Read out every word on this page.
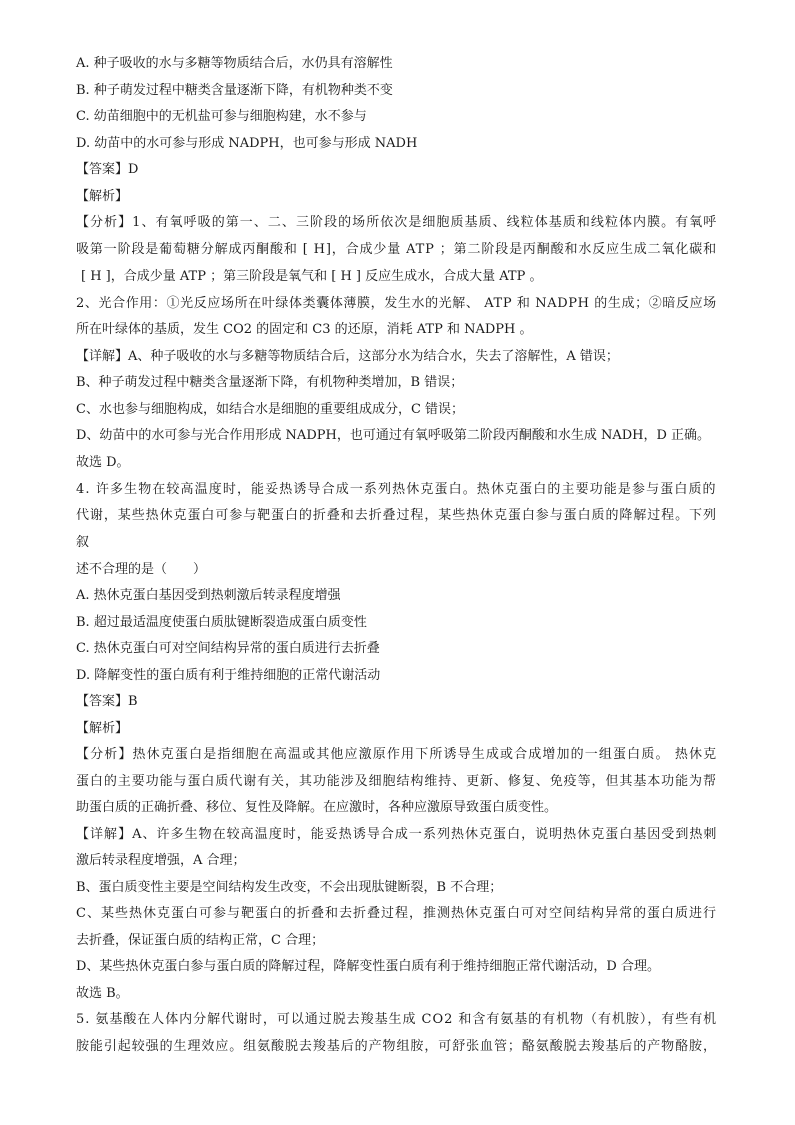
A. 种子吸收的水与多糖等物质结合后，水仍具有溶解性
B. 种子萌发过程中糖类含量逐渐下降，有机物种类不变
C. 幼苗细胞中的无机盐可参与细胞构建，水不参与
D. 幼苗中的水可参与形成 NADPH，也可参与形成 NADH
【答案】D
【解析】
【分析】1、有氧呼吸的第一、二、三阶段的场所依次是细胞质基质、线粒体基质和线粒体内膜。有氧呼
吸第一阶段是葡萄糖分解成丙酮酸和 [ H]，合成少量 ATP ；第二阶段是丙酮酸和水反应生成二氧化碳和
[ H ]，合成少量 ATP ；第三阶段是氧气和 [ H ] 反应生成水，合成大量 ATP 。
2、光合作用：①光反应场所在叶绿体类囊体薄膜，发生水的光解、 ATP 和 NADPH 的生成；②暗反应场
所在叶绿体的基质，发生 CO2 的固定和 C3 的还原，消耗 ATP 和 NADPH 。
【详解】A、种子吸收的水与多糖等物质结合后，这部分水为结合水，失去了溶解性，A 错误；
B、种子萌发过程中糖类含量逐渐下降，有机物种类增加，B 错误；
C、水也参与细胞构成，如结合水是细胞的重要组成成分，C 错误；
D、幼苗中的水可参与光合作用形成 NADPH，也可通过有氧呼吸第二阶段丙酮酸和水生成 NADH，D 正确。
故选 D。
4. 许多生物在较高温度时，能妥热诱导合成一系列热休克蛋白。热休克蛋白的主要功能是参与蛋白质的
代谢，某些热休克蛋白可参与靶蛋白的折叠和去折叠过程，某些热休克蛋白参与蛋白质的降解过程。下列
叙
述不合理的是（　　）
A. 热休克蛋白基因受到热刺激后转录程度增强
B. 超过最适温度使蛋白质肽键断裂造成蛋白质变性
C. 热休克蛋白可对空间结构异常的蛋白质进行去折叠
D. 降解变性的蛋白质有利于维持细胞的正常代谢活动
【答案】B
【解析】
【分析】热休克蛋白是指细胞在高温或其他应激原作用下所诱导生成或合成增加的一组蛋白质。 热休克
蛋白的主要功能与蛋白质代谢有关，其功能涉及细胞结构维持、更新、修复、免疫等，但其基本功能为帮
助蛋白质的正确折叠、移位、复性及降解。在应激时，各种应激原导致蛋白质变性。
【详解】A、许多生物在较高温度时，能妥热诱导合成一系列热休克蛋白，说明热休克蛋白基因受到热刺
激后转录程度增强，A 合理；
B、蛋白质变性主要是空间结构发生改变，不会出现肽键断裂，B 不合理；
C、某些热休克蛋白可参与靶蛋白的折叠和去折叠过程，推测热休克蛋白可对空间结构异常的蛋白质进行
去折叠，保证蛋白质的结构正常，C 合理；
D、某些热休克蛋白参与蛋白质的降解过程，降解变性蛋白质有利于维持细胞正常代谢活动，D 合理。
故选 B。
5. 氨基酸在人体内分解代谢时，可以通过脱去羧基生成 CO2 和含有氨基的有机物（有机胺），有些有机
胺能引起较强的生理效应。组氨酸脱去羧基后的产物组胺，可舒张血管；酪氨酸脱去羧基后的产物酪胺，
